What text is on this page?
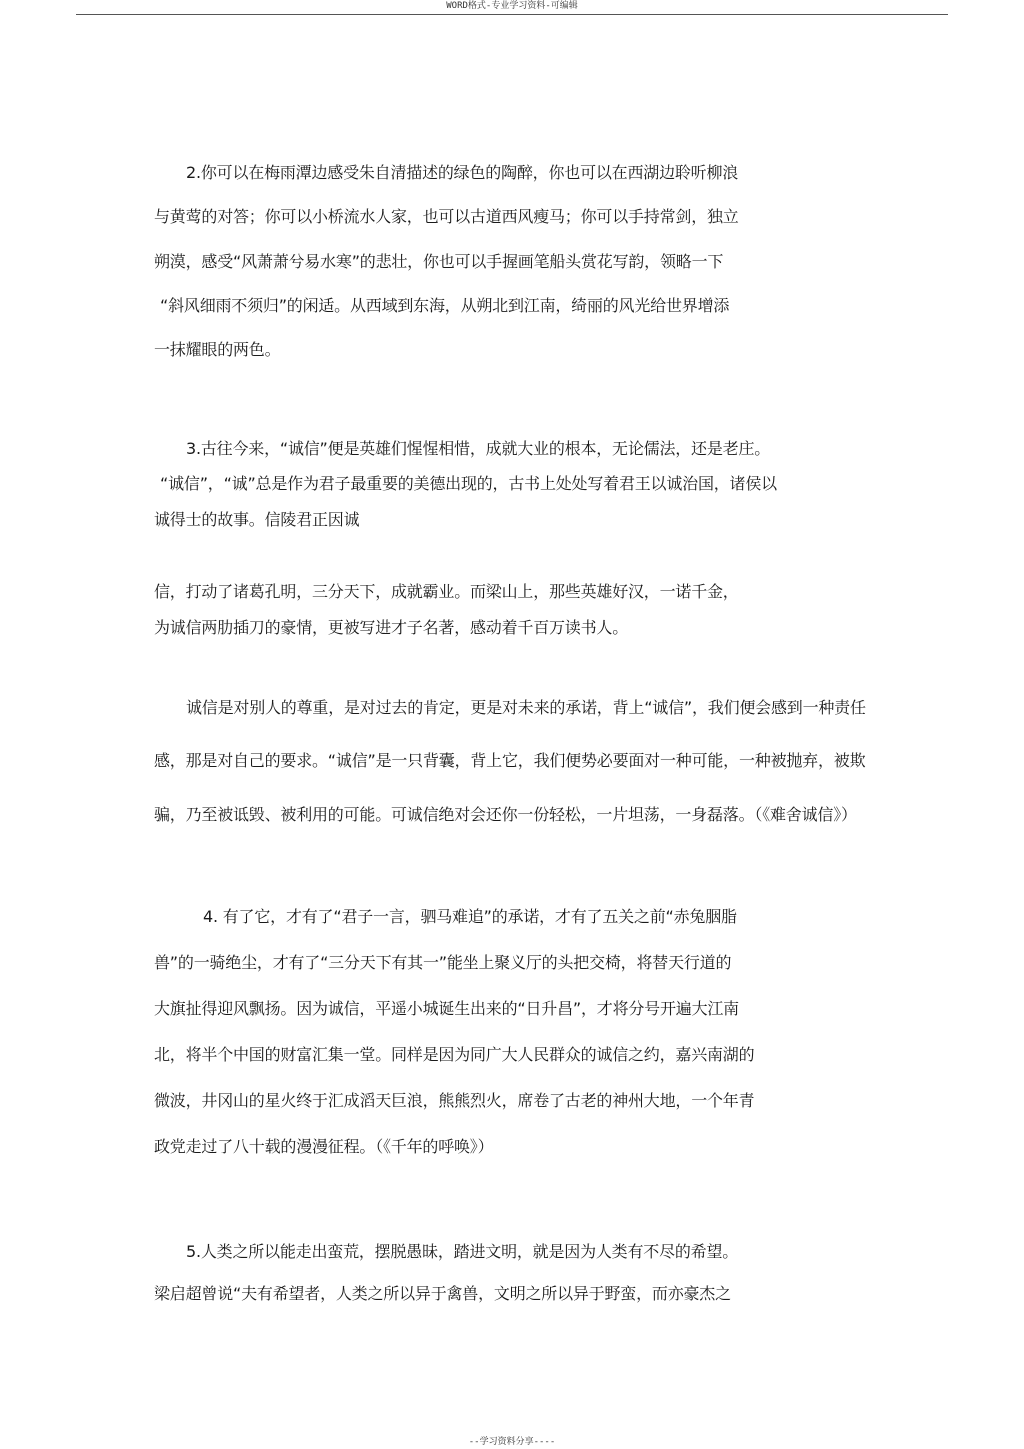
WORD格式-专业学习资料-可编辑
2.你可以在梅雨潭边感受朱自清描述的绿色的陶醉，你也可以在西湖边聆听柳浪
与黄莺的对答；你可以小桥流水人家，也可以古道西风瘦马；你可以手持常剑，独立
朔漠，感受“风萧萧兮易水寒”的悲壮，你也可以手握画笔船头赏花写韵，领略一下
“斜风细雨不须归”的闲适。从西域到东海，从朔北到江南，绮丽的风光给世界增添
一抹耀眼的两色。
3.古往今来，“诚信”便是英雄们惺惺相惜，成就大业的根本，无论儒法，还是老庄。
“诚信”，“诚”总是作为君子最重要的美德出现的，古书上处处写着君王以诚治国，诸侯以
诚得士的故事。信陵君正因诚
信，打动了诸葛孔明，三分天下，成就霸业。而梁山上，那些英雄好汉，一诺千金，
为诚信两肋插刀的豪情，更被写进才子名著，感动着千百万读书人。
诚信是对别人的尊重，是对过去的肯定，更是对未来的承诺，背上“诚信”，我们便会感到一种责任
感，那是对自己的要求。“诚信”是一只背囊，背上它，我们便势必要面对一种可能，一种被抛弃，被欺
骗，乃至被诋毁、被利用的可能。可诚信绝对会还你一份轻松，一片坦荡，一身磊落。（《难舍诚信》）
4. 有了它，才有了“君子一言，驷马难追”的承诺，才有了五关之前“赤兔胭脂
兽”的一骑绝尘，才有了“三分天下有其一”能坐上聚义厅的头把交椅，将替天行道的
大旗扯得迎风飘扬。因为诚信，平遥小城诞生出来的“日升昌”，才将分号开遍大江南
北，将半个中国的财富汇集一堂。同样是因为同广大人民群众的诚信之约，嘉兴南湖的
微波，井冈山的星火终于汇成滔天巨浪，熊熊烈火，席卷了古老的神州大地，一个年青
政党走过了八十载的漫漫征程。（《千年的呼唤》）
5.人类之所以能走出蛮荒，摆脱愚昧，踏进文明，就是因为人类有不尽的希望。
梁启超曾说“夫有希望者，人类之所以异于禽兽，文明之所以异于野蛮，而亦豪杰之
--学习资料分享----
